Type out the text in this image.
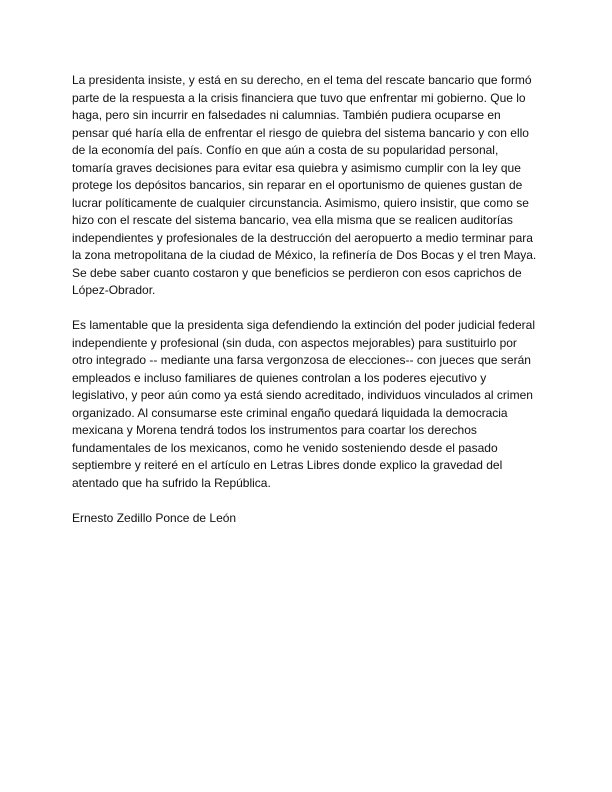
La presidenta insiste, y está en su derecho, en el tema del rescate bancario que formó parte de la respuesta a la crisis financiera que tuvo que enfrentar mi gobierno. Que lo haga, pero sin incurrir en falsedades ni calumnias. También pudiera ocuparse en pensar qué haría ella de enfrentar el riesgo de quiebra del sistema bancario y con ello de la economía del país. Confío en que aún a costa de su popularidad personal, tomaría graves decisiones para evitar esa quiebra y asimismo cumplir con la ley que protege los depósitos bancarios, sin reparar en el oportunismo de quienes gustan de lucrar políticamente de cualquier circunstancia. Asimismo, quiero insistir, que como se hizo con el rescate del sistema bancario, vea ella misma que se realicen auditorías independientes y profesionales de la destrucción del aeropuerto a medio terminar para la zona metropolitana de la ciudad de México, la refinería de Dos Bocas y el tren Maya. Se debe saber cuanto costaron y que beneficios se perdieron con esos caprichos de López-Obrador.

Es lamentable que la presidenta siga defendiendo la extinción del poder judicial federal independiente y profesional (sin duda, con aspectos mejorables) para sustituirlo por otro integrado -- mediante una farsa vergonzosa de elecciones-- con jueces que serán empleados e incluso familiares de quienes controlan a los poderes ejecutivo y legislativo, y peor aún como ya está siendo acreditado, individuos vinculados al crimen organizado. Al consumarse este criminal engaño quedará liquidada la democracia mexicana y Morena tendrá todos los instrumentos para coartar los derechos fundamentales de los mexicanos, como he venido sosteniendo desde el pasado septiembre y reiteré en el artículo en Letras Libres donde explico la gravedad del atentado que ha sufrido la República.

Ernesto Zedillo Ponce de León
